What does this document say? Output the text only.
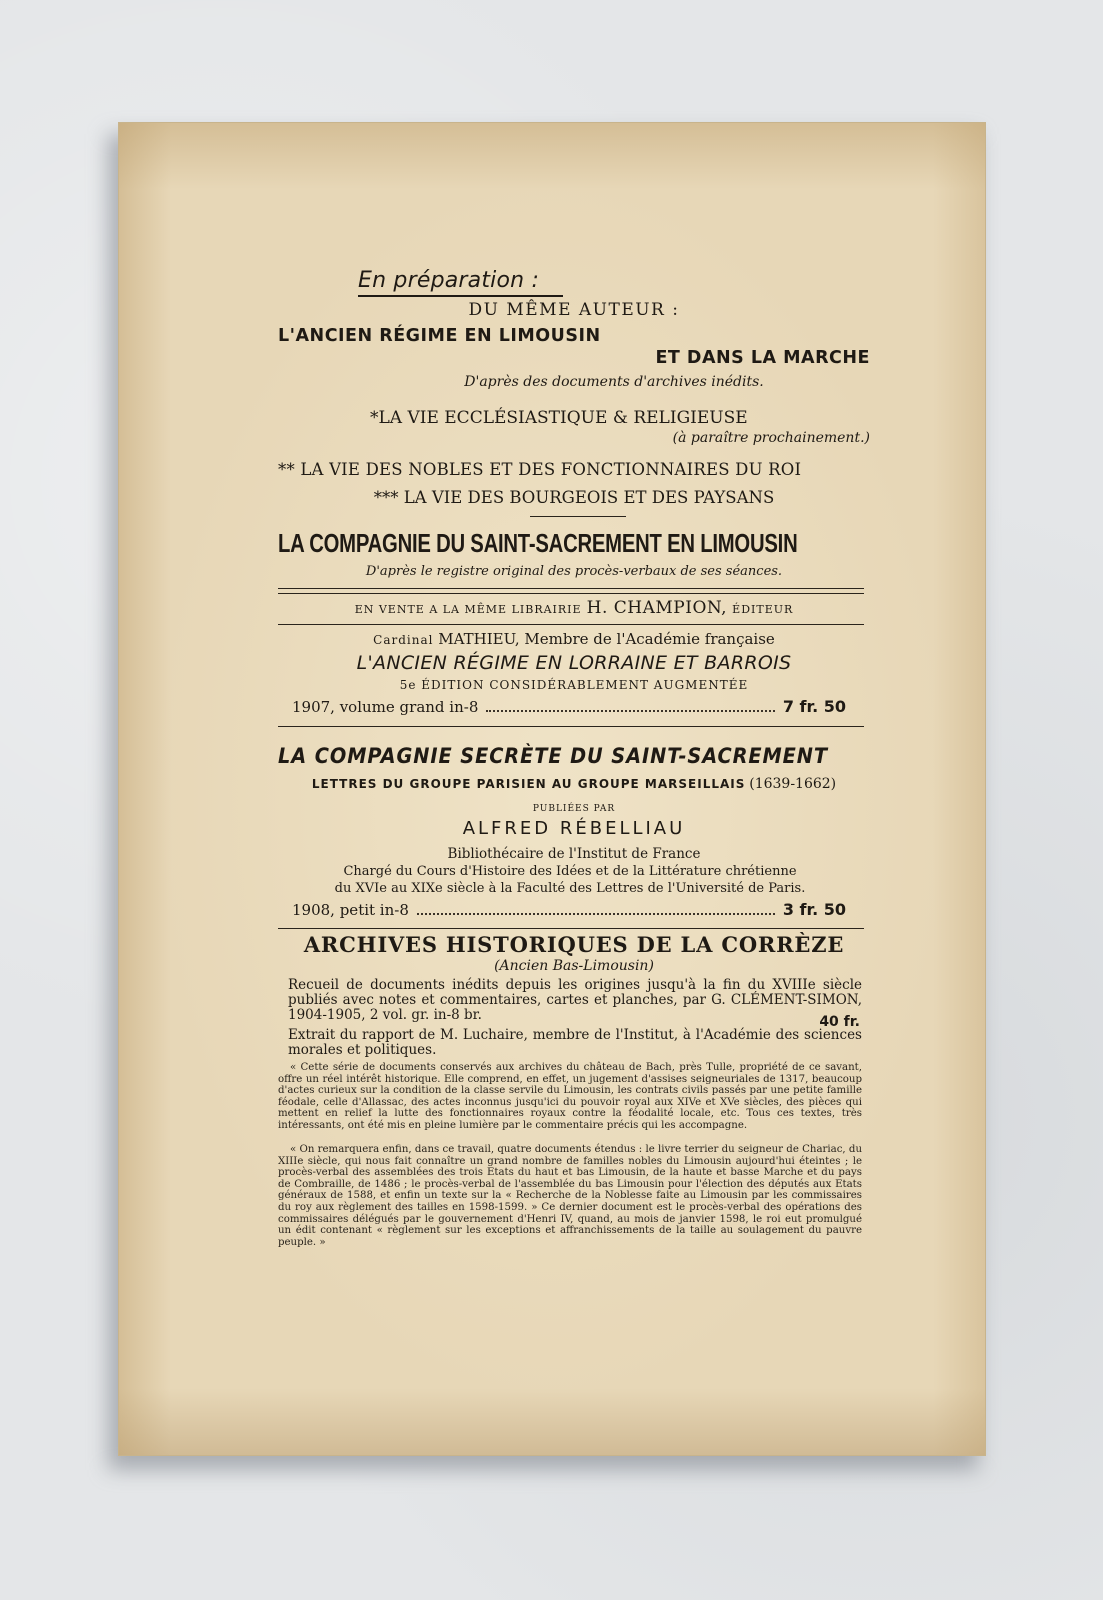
En préparation :
DU MÊME AUTEUR :
L'ANCIEN RÉGIME EN LIMOUSIN
ET DANS LA MARCHE
D'après des documents d'archives inédits.
*LA VIE ECCLÉSIASTIQUE & RELIGIEUSE
(à paraître prochainement.)
** LA VIE DES NOBLES ET DES FONCTIONNAIRES DU ROI
*** LA VIE DES BOURGEOIS ET DES PAYSANS
LA COMPAGNIE DU SAINT-SACREMENT EN LIMOUSIN
D'après le registre original des procès-verbaux de ses séances.
EN VENTE A LA MÊME LIBRAIRIE H. CHAMPION, ÉDITEUR
Cardinal MATHIEU, Membre de l'Académie française
L'ANCIEN RÉGIME EN LORRAINE ET BARROIS
5e ÉDITION CONSIDÉRABLEMENT AUGMENTÉE
1907, volume grand in-8	7 fr. 50
LA COMPAGNIE SECRÈTE DU SAINT-SACREMENT
LETTRES DU GROUPE PARISIEN AU GROUPE MARSEILLAIS (1639-1662)
PUBLIÉES PAR
ALFRED RÉBELLIAU
Bibliothécaire de l'Institut de France
Chargé du Cours d'Histoire des Idées et de la Littérature chrétienne
du XVIe au XIXe siècle à la Faculté des Lettres de l'Université de Paris.
1908, petit in-8	3 fr. 50
ARCHIVES HISTORIQUES DE LA CORRÈZE
(Ancien Bas-Limousin)
Recueil de documents inédits depuis les origines jusqu'à la fin du XVIIIe siècle publiés avec notes et commentaires, cartes et planches, par G. CLÉMENT-SIMON, 1904-1905, 2 vol. gr. in-8 br.	40 fr.
Extrait du rapport de M. Luchaire, membre de l'Institut, à l'Académie des sciences morales et politiques.
« Cette série de documents conservés aux archives du château de Bach, près Tulle, propriété de ce savant, offre un réel intérêt historique. Elle comprend, en effet, un jugement d'assises seigneuriales de 1317, beaucoup d'actes curieux sur la condition de la classe servile du Limousin, les contrats civils passés par une petite famille féodale, celle d'Allassac, des actes inconnus jusqu'ici du pouvoir royal aux XIVe et XVe siècles, des pièces qui mettent en relief la lutte des fonctionnaires royaux contre la féodalité locale, etc. Tous ces textes, très intéressants, ont été mis en pleine lumière par le commentaire précis qui les accompagne.
« On remarquera enfin, dans ce travail, quatre documents étendus : le livre terrier du seigneur de Chariac, du XIIIe siècle, qui nous fait connaître un grand nombre de familles nobles du Limousin aujourd'hui éteintes ; le procès-verbal des assemblées des trois Etats du haut et bas Limousin, de la haute et basse Marche et du pays de Combraille, de 1486 ; le procès-verbal de l'assemblée du bas Limousin pour l'élection des députés aux Etats généraux de 1588, et enfin un texte sur la « Recherche de la Noblesse faite au Limousin par les commissaires du roy aux règlement des tailles en 1598-1599. » Ce dernier document est le procès-verbal des opérations des commissaires délégués par le gouvernement d'Henri IV, quand, au mois de janvier 1598, le roi eut promulgué un édit contenant « règlement sur les exceptions et affranchissements de la taille au soulagement du pauvre peuple. »
